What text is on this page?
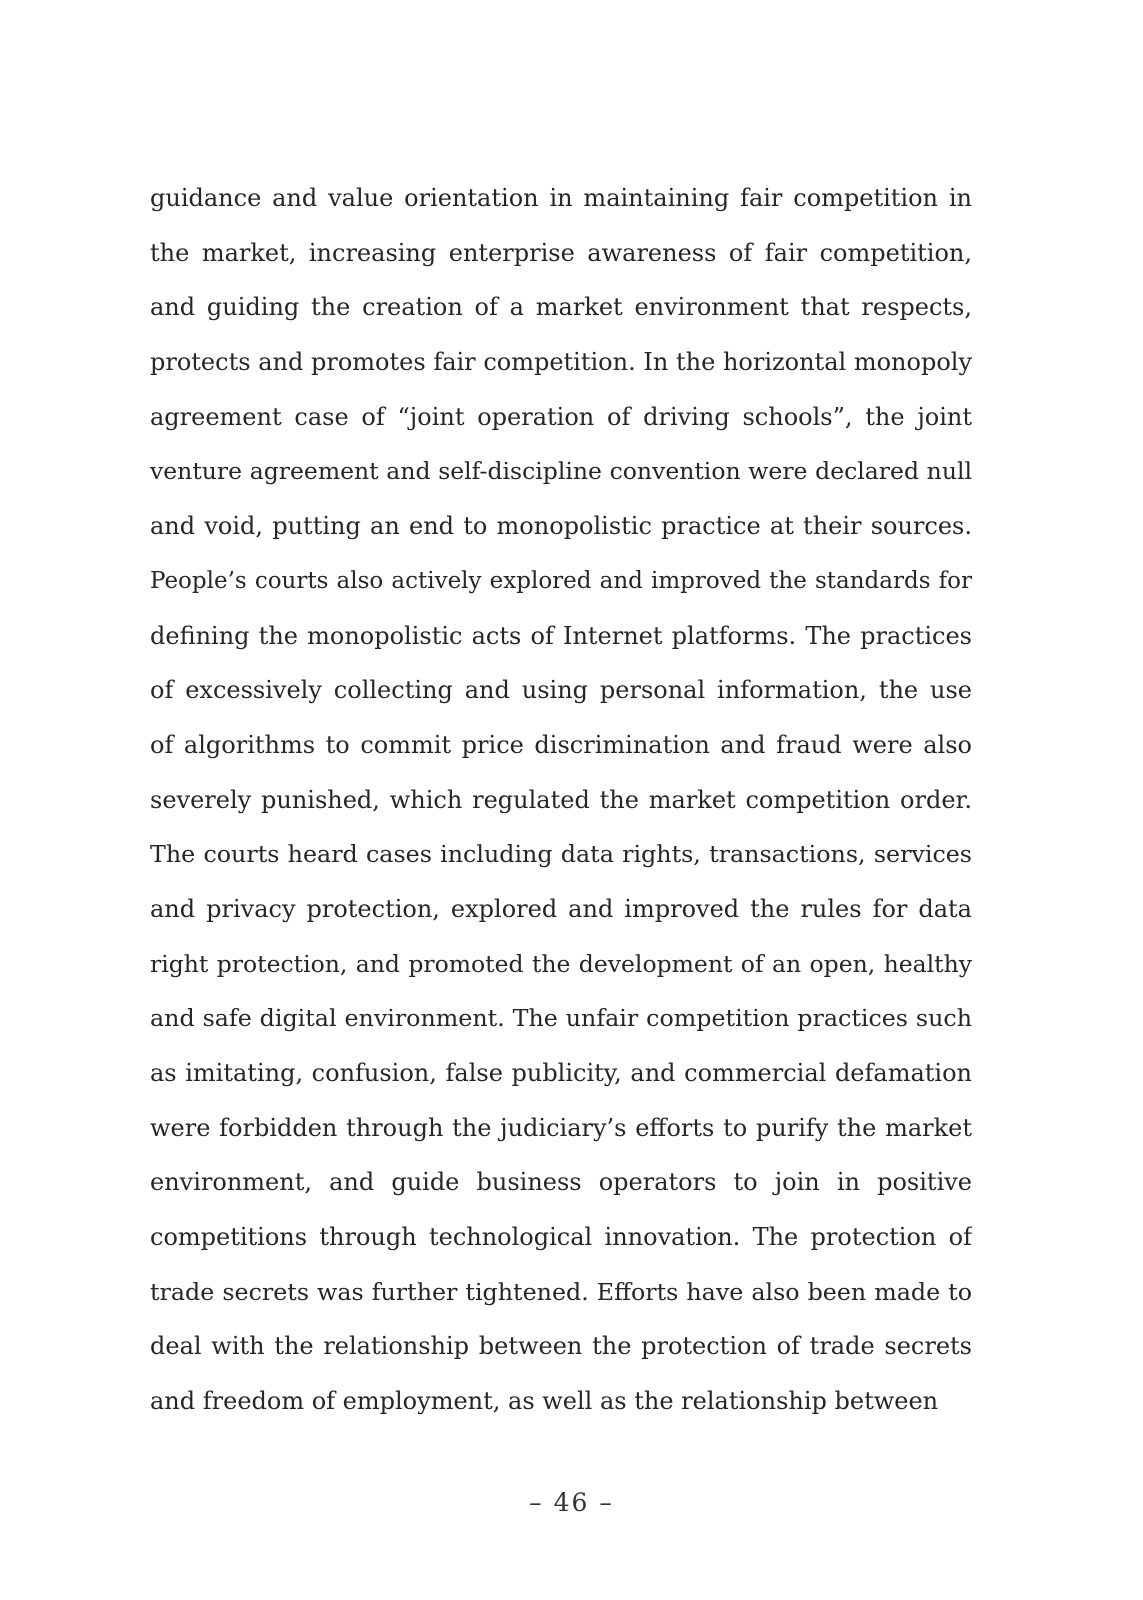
guidance and value orientation in maintaining fair competition in
the market, increasing enterprise awareness of fair competition,
and guiding the creation of a market environment that respects,
protects and promotes fair competition. In the horizontal monopoly
agreement case of “joint operation of driving schools”, the joint
venture agreement and self-discipline convention were declared null
and void, putting an end to monopolistic practice at their sources.
People’s courts also actively explored and improved the standards for
defining the monopolistic acts of Internet platforms. The practices
of excessively collecting and using personal information, the use
of algorithms to commit price discrimination and fraud were also
severely punished, which regulated the market competition order.
The courts heard cases including data rights, transactions, services
and privacy protection, explored and improved the rules for data
right protection, and promoted the development of an open, healthy
and safe digital environment. The unfair competition practices such
as imitating, confusion, false publicity, and commercial defamation
were forbidden through the judiciary’s efforts to purify the market
environment, and guide business operators to join in positive
competitions through technological innovation. The protection of
trade secrets was further tightened. Efforts have also been made to
deal with the relationship between the protection of trade secrets
and freedom of employment, as well as the relationship between

– 46 –
